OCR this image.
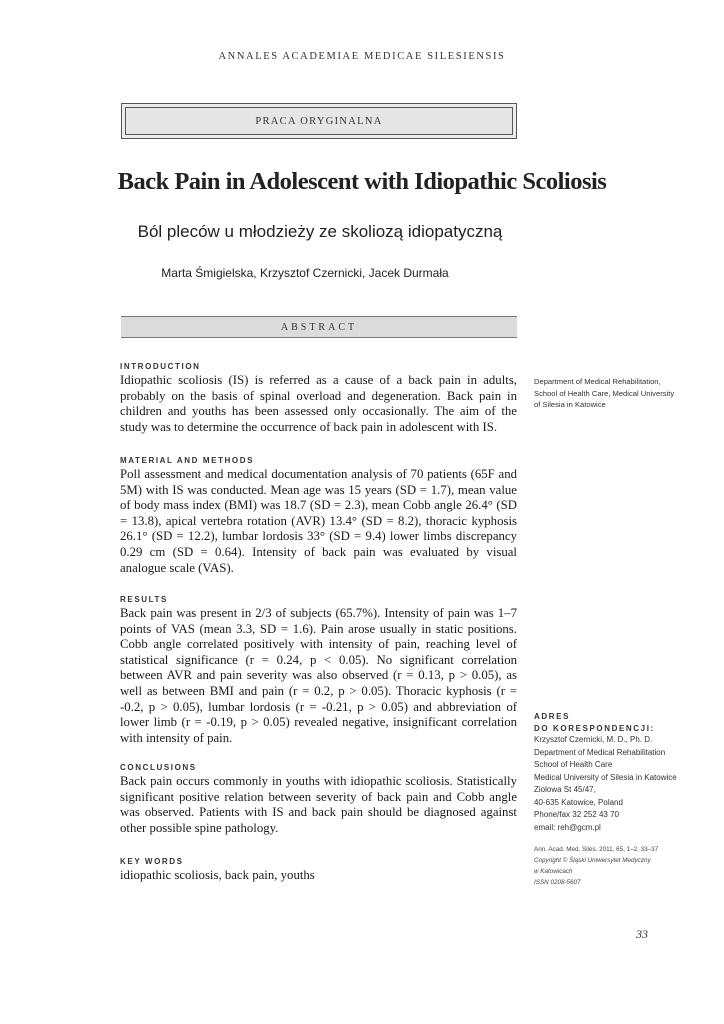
ANNALES ACADEMIAE MEDICAE SILESIENSIS
PRACA ORYGINALNA
Back Pain in Adolescent with Idiopathic Scoliosis
Ból pleców u młodzieży ze skoliozą idiopatyczną
Marta Śmigielska, Krzysztof Czernicki, Jacek Durmała
ABSTRACT
INTRODUCTION
Idiopathic scoliosis (IS) is referred as a cause of a back pain in adults, probably on the basis of spinal overload and degeneration. Back pain in children and youths has been assessed only occasionally. The aim of the study was to determine the occurrence of back pain in adolescent with IS.
MATERIAL AND METHODS
Poll assessment and medical documentation analysis of 70 patients (65F and 5M) with IS was conducted. Mean age was 15 years (SD = 1.7), mean value of body mass index (BMI) was 18.7 (SD = 2.3), mean Cobb angle 26.4° (SD = 13.8), apical vertebra rotation (AVR) 13.4° (SD = 8.2), thoracic kyphosis 26.1° (SD = 12.2), lumbar lordosis 33° (SD = 9.4) lower limbs discrepancy 0.29 cm (SD = 0.64). Intensity of back pain was evaluated by visual analogue scale (VAS).
RESULTS
Back pain was present in 2/3 of subjects (65.7%). Intensity of pain was 1–7 points of VAS (mean 3.3, SD = 1.6). Pain arose usually in static positions. Cobb angle correlated positively with intensity of pain, reaching level of statistical significance (r = 0.24, p < 0.05). No significant correlation between AVR and pain severity was also observed (r = 0.13, p > 0.05), as well as between BMI and pain (r = 0.2, p > 0.05). Thoracic kyphosis (r = -0.2, p > 0.05), lumbar lordosis (r = -0.21, p > 0.05) and abbreviation of lower limb (r = -0.19, p > 0.05) revealed negative, insignificant correlation with intensity of pain.
CONCLUSIONS
Back pain occurs commonly in youths with idiopathic scoliosis. Statistically significant positive relation between severity of back pain and Cobb angle was observed. Patients with IS and back pain should be diagnosed against other possible spine pathology.
KEY WORDS
idiopathic scoliosis, back pain, youths
Department of Medical Rehabilitation,
School of Health Care, Medical University
of Silesia in Katowice
ADRES
DO KORESPONDENCJI:
Krzysztof Czernicki, M. D., Ph. D.
Department of Medical Rehabilitation
School of Health Care
Medical University of Silesia in Katowice
Ziolowa St 45/47,
40-635 Katowice, Poland
Phone/fax 32 252 43 70
email: reh@gcm.pl
Ann. Acad. Med. Siles. 2011, 65, 1–2, 33–37
Copyright © Śląski Uniwersytet Medyczny
w Katowicach
ISSN 0208-5607
33
